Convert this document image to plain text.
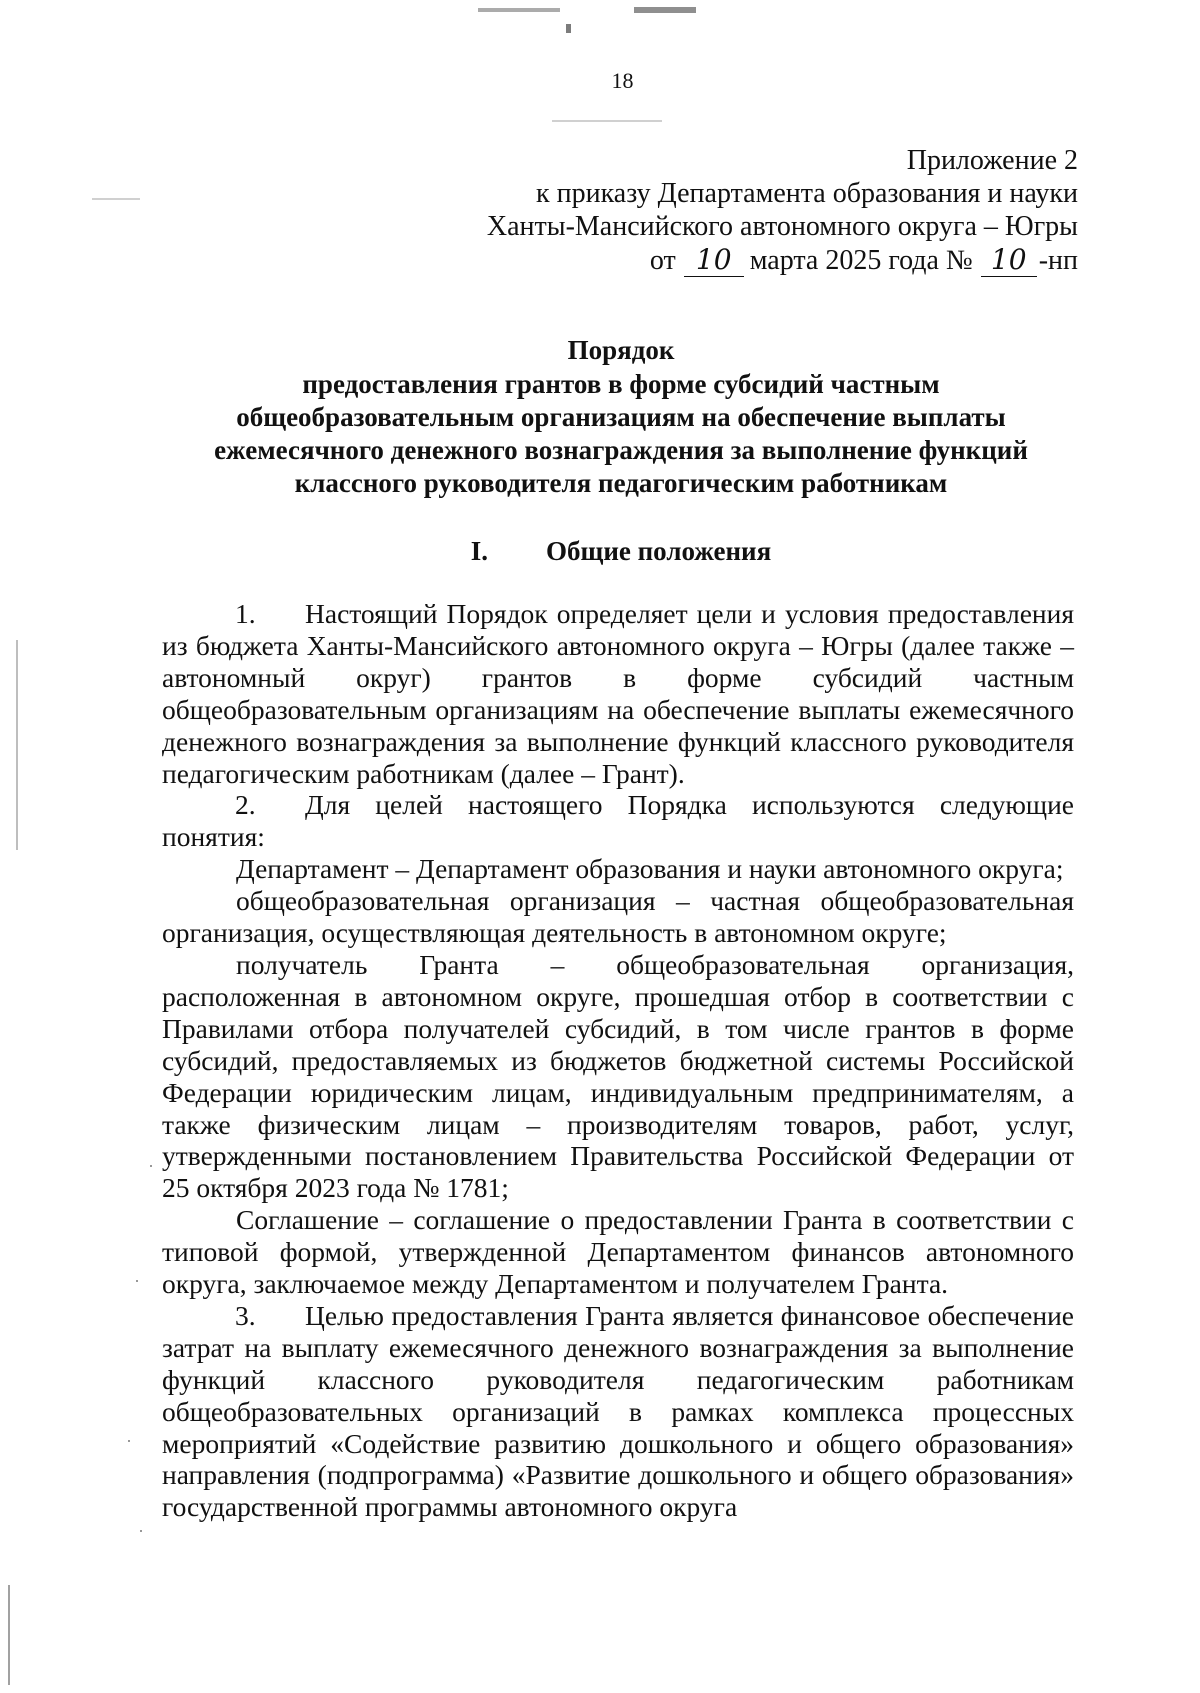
18
Приложение 2
к приказу Департамента образования и науки
Ханты-Мансийского автономного округа – Югры
от 10 марта 2025 года № 10 -нп
Порядок
предоставления грантов в форме субсидий частным
общеобразовательным организациям на обеспечение выплаты
ежемесячного денежного вознаграждения за выполнение функций
классного руководителя педагогическим работникам
I. Общие положения

1. Настоящий Порядок определяет цели и условия предоставления из бюджета Ханты-Мансийского автономного округа – Югры (далее также – автономный округ) грантов в форме субсидий частным общеобразовательным организациям на обеспечение выплаты ежемесячного денежного вознаграждения за выполнение функций классного руководителя педагогическим работникам (далее – Грант).

2. Для целей настоящего Порядка используются следующие понятия:

Департамент – Департамент образования и науки автономного округа;

общеобразовательная организация – частная общеобразовательная организация, осуществляющая деятельность в автономном округе;

получатель Гранта – общеобразовательная организация, расположенная в автономном округе, прошедшая отбор в соответствии с Правилами отбора получателей субсидий, в том числе грантов в форме субсидий, предоставляемых из бюджетов бюджетной системы Российской Федерации юридическим лицам, индивидуальным предпринимателям, а также физическим лицам – производителям товаров, работ, услуг, утвержденными постановлением Правительства Российской Федерации от 25 октября 2023 года № 1781;

Соглашение – соглашение о предоставлении Гранта в соответствии с типовой формой, утвержденной Департаментом финансов автономного округа, заключаемое между Департаментом и получателем Гранта.

3. Целью предоставления Гранта является финансовое обеспечение затрат на выплату ежемесячного денежного вознаграждения за выполнение функций классного руководителя педагогическим работникам общеобразовательных организаций в рамках комплекса процессных мероприятий «Содействие развитию дошкольного и общего образования» направления (подпрограмма) «Развитие дошкольного и общего образования» государственной программы автономного округа
